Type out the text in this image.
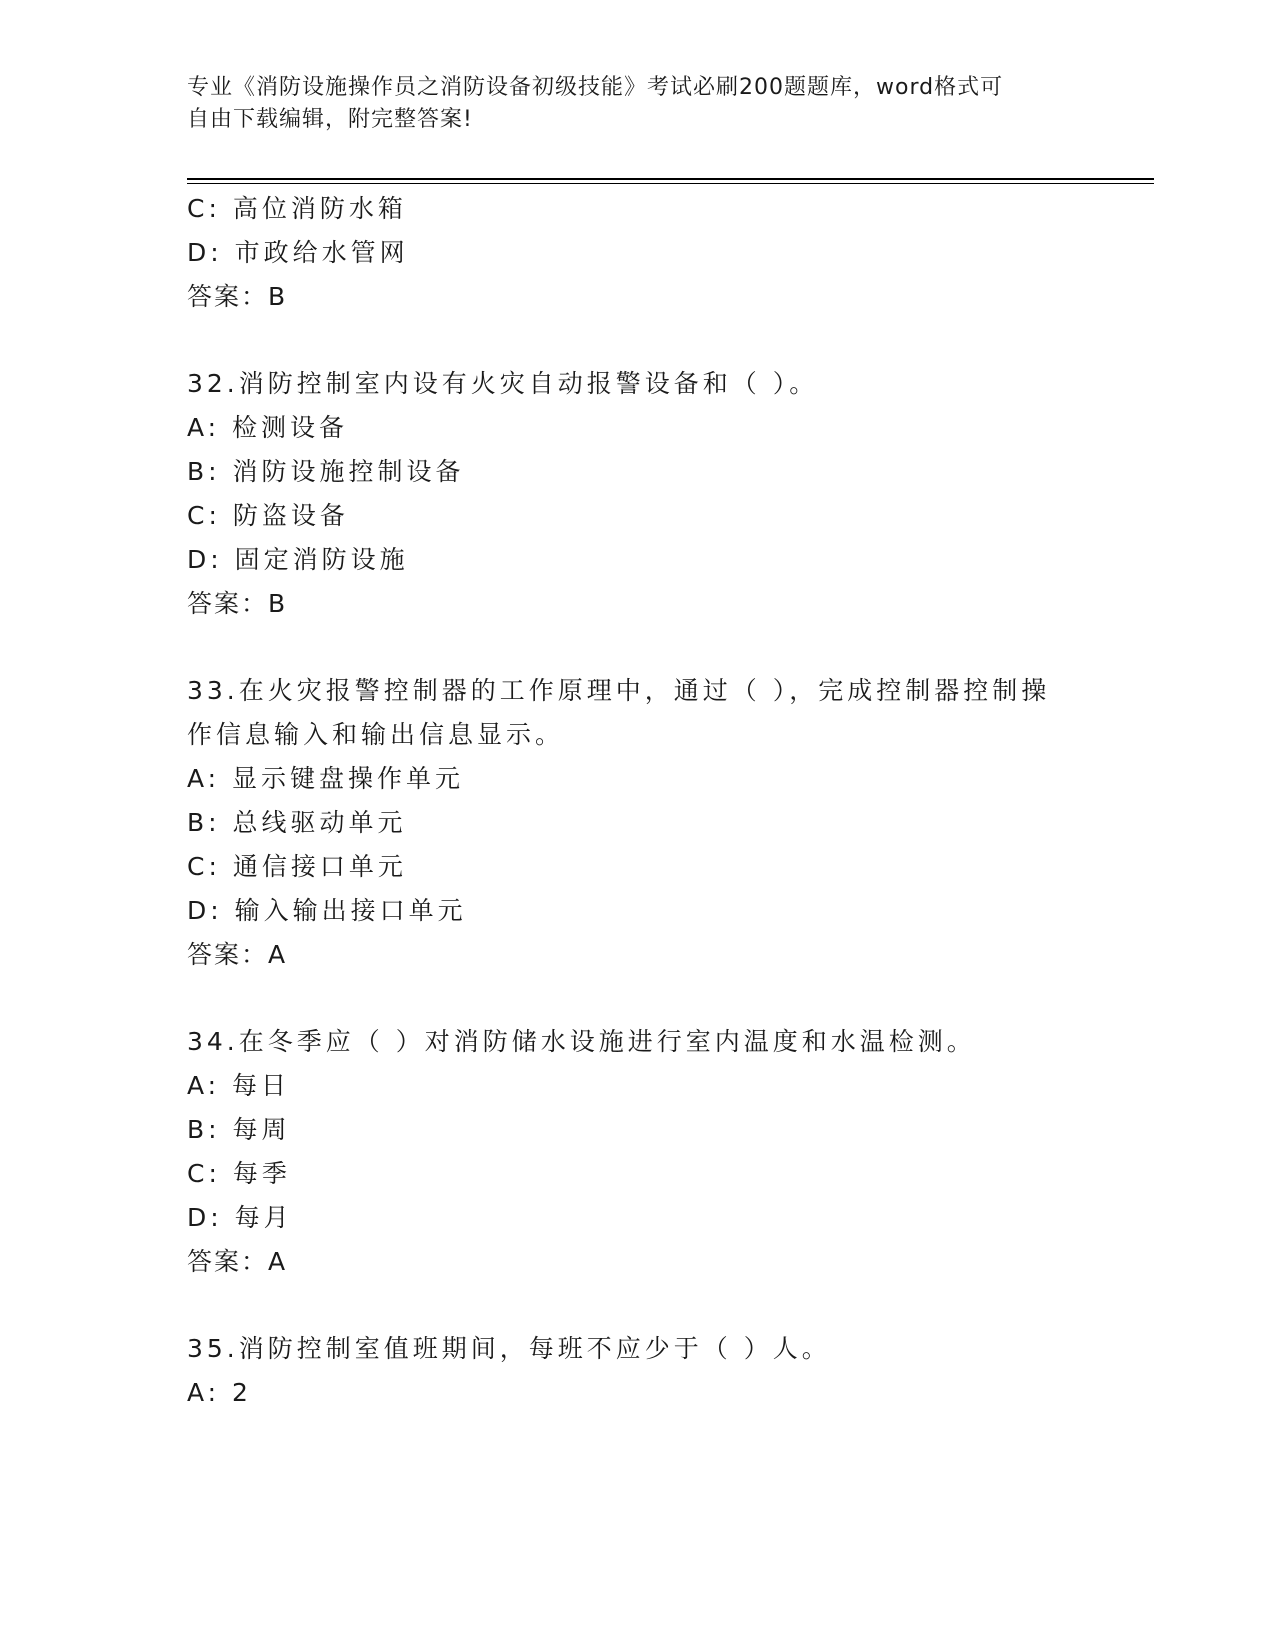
专业《消防设施操作员之消防设备初级技能》考试必刷200题题库，word格式可
自由下载编辑，附完整答案!
C: 高位消防水箱
D: 市政给水管网
答案：B
32.消防控制室内设有火灾自动报警设备和（ ）。
A: 检测设备
B: 消防设施控制设备
C: 防盗设备
D: 固定消防设施
答案：B
33.在火灾报警控制器的工作原理中，通过（ ），完成控制器控制操
作信息输入和输出信息显示。
A: 显示键盘操作单元
B: 总线驱动单元
C: 通信接口单元
D: 输入输出接口单元
答案：A
34.在冬季应（ ）对消防储水设施进行室内温度和水温检测。
A: 每日
B: 每周
C: 每季
D: 每月
答案：A
35.消防控制室值班期间，每班不应少于（ ）人。
A: 2
